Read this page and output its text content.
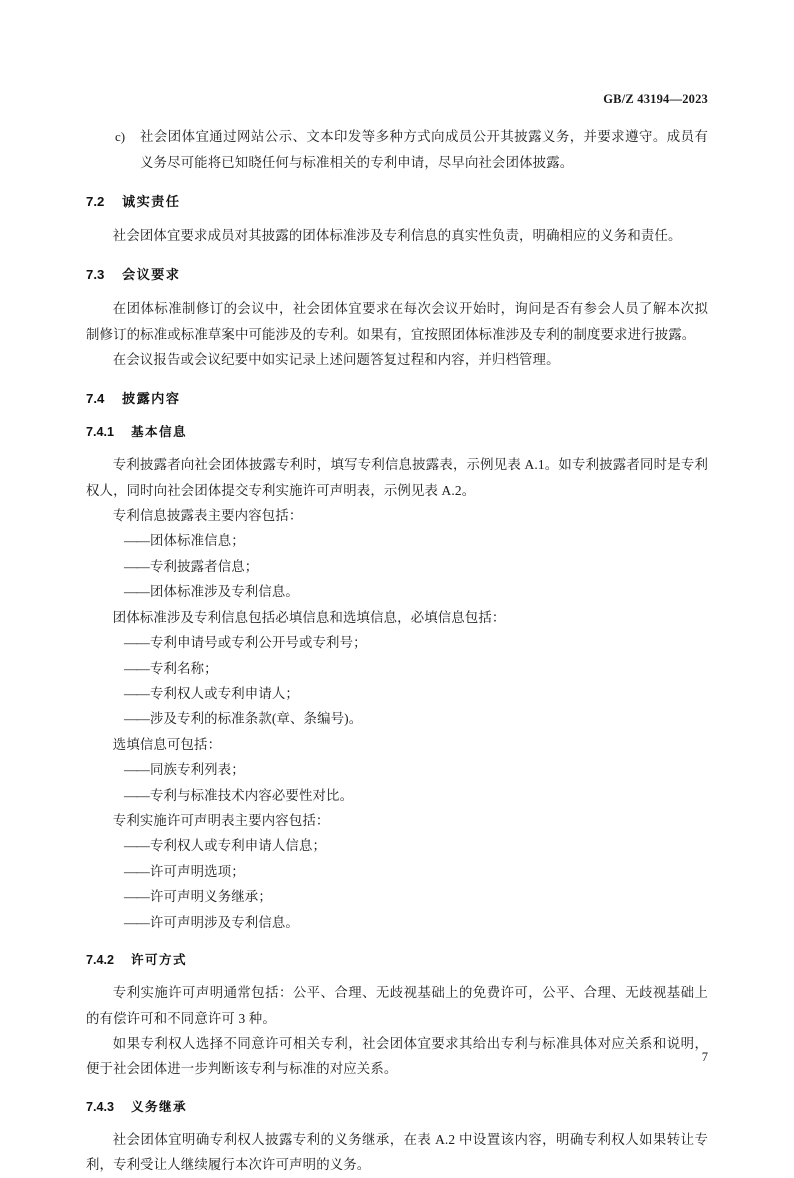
GB/Z 43194—2023
c)	社会团体宜通过网站公示、文本印发等多种方式向成员公开其披露义务，并要求遵守。成员有义务尽可能将已知晓任何与标准相关的专利申请，尽早向社会团体披露。
7.2 诚实责任

社会团体宜要求成员对其披露的团体标准涉及专利信息的真实性负责，明确相应的义务和责任。

7.3 会议要求

在团体标准制修订的会议中，社会团体宜要求在每次会议开始时，询问是否有参会人员了解本次拟制修订的标准或标准草案中可能涉及的专利。如果有，宜按照团体标准涉及专利的制度要求进行披露。

在会议报告或会议纪要中如实记录上述问题答复过程和内容，并归档管理。

7.4 披露内容
7.4.1 基本信息

专利披露者向社会团体披露专利时，填写专利信息披露表，示例见表 A.1。如专利披露者同时是专利权人，同时向社会团体提交专利实施许可声明表，示例见表 A.2。

专利信息披露表主要内容包括：

—— 团体标准信息；
—— 专利披露者信息；
—— 团体标准涉及专利信息。

团体标准涉及专利信息包括必填信息和选填信息，必填信息包括：

—— 专利申请号或专利公开号或专利号；
—— 专利名称；
—— 专利权人或专利申请人；
—— 涉及专利的标准条款(章、条编号)。

选填信息可包括：

—— 同族专利列表；
—— 专利与标准技术内容必要性对比。

专利实施许可声明表主要内容包括：

—— 专利权人或专利申请人信息；
—— 许可声明选项；
—— 许可声明义务继承；
—— 许可声明涉及专利信息。
7.4.2 许可方式

专利实施许可声明通常包括：公平、合理、无歧视基础上的免费许可，公平、合理、无歧视基础上的有偿许可和不同意许可 3 种。

如果专利权人选择不同意许可相关专利，社会团体宜要求其给出专利与标准具体对应关系和说明，便于社会团体进一步判断该专利与标准的对应关系。

7.4.3 义务继承

社会团体宜明确专利权人披露专利的义务继承，在表 A.2 中设置该内容，明确专利权人如果转让专利，专利受让人继续履行本次许可声明的义务。

7
